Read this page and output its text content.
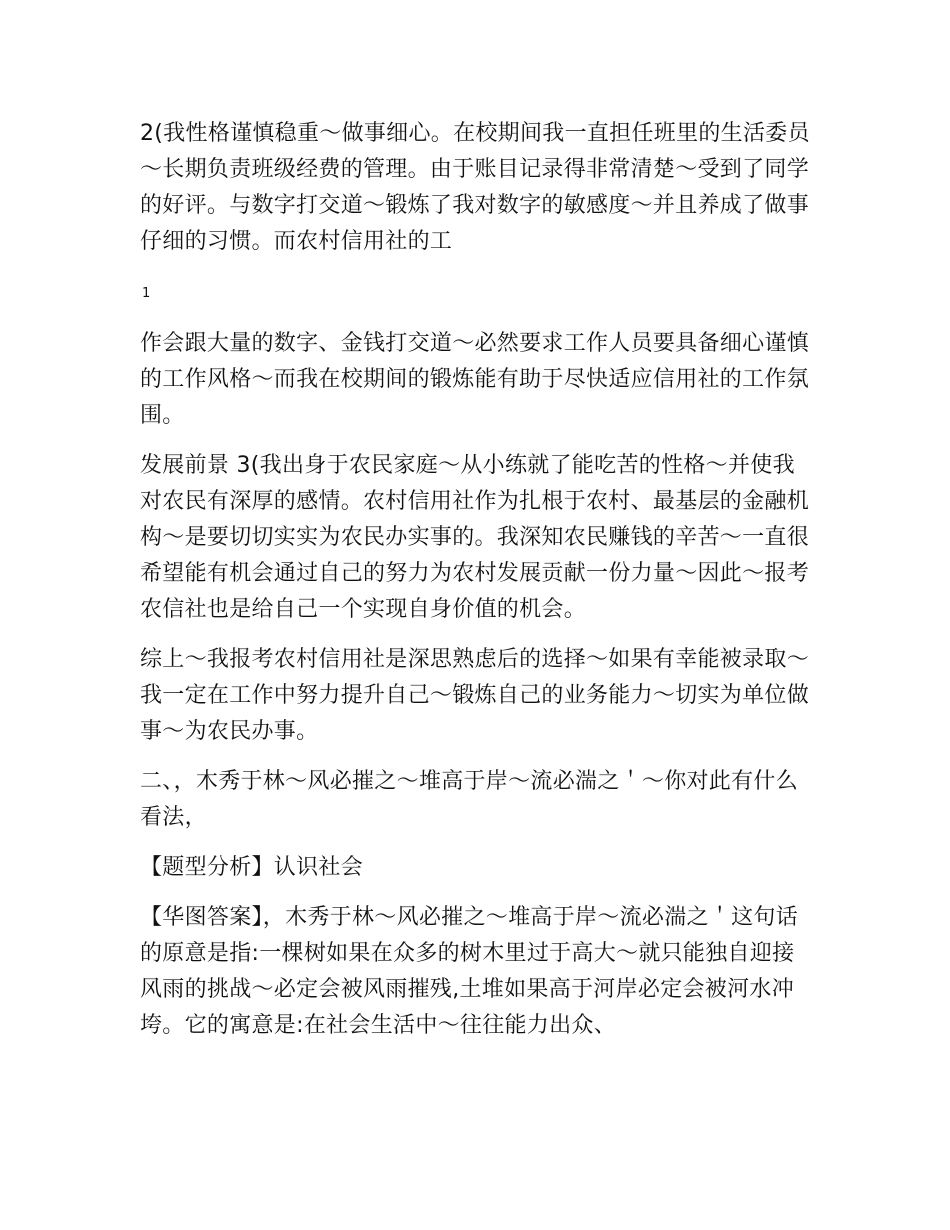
2(我性格谨慎稳重～做事细心。在校期间我一直担任班里的生活委员～长期负责班级经费的管理。由于账目记录得非常清楚～受到了同学的好评。与数字打交道～锻炼了我对数字的敏感度～并且养成了做事仔细的习惯。而农村信用社的工

1

作会跟大量的数字、金钱打交道～必然要求工作人员要具备细心谨慎的工作风格～而我在校期间的锻炼能有助于尽快适应信用社的工作氛围。

发展前景 3(我出身于农民家庭～从小练就了能吃苦的性格～并使我对农民有深厚的感情。农村信用社作为扎根于农村、最基层的金融机构～是要切切实实为农民办实事的。我深知农民赚钱的辛苦～一直很希望能有机会通过自己的努力为农村发展贡献一份力量～因此～报考农信社也是给自己一个实现自身价值的机会。

综上～我报考农村信用社是深思熟虑后的选择～如果有幸能被录取～我一定在工作中努力提升自己～锻炼自己的业务能力～切实为单位做事～为农民办事。

二、，木秀于林～风必摧之～堆高于岸～流必湍之＇～你对此有什么看法，

【题型分析】认识社会

【华图答案】，木秀于林～风必摧之～堆高于岸～流必湍之＇这句话的原意是指:一棵树如果在众多的树木里过于高大～就只能独自迎接风雨的挑战～必定会被风雨摧残,土堆如果高于河岸必定会被河水冲垮。它的寓意是:在社会生活中～往往能力出众、
